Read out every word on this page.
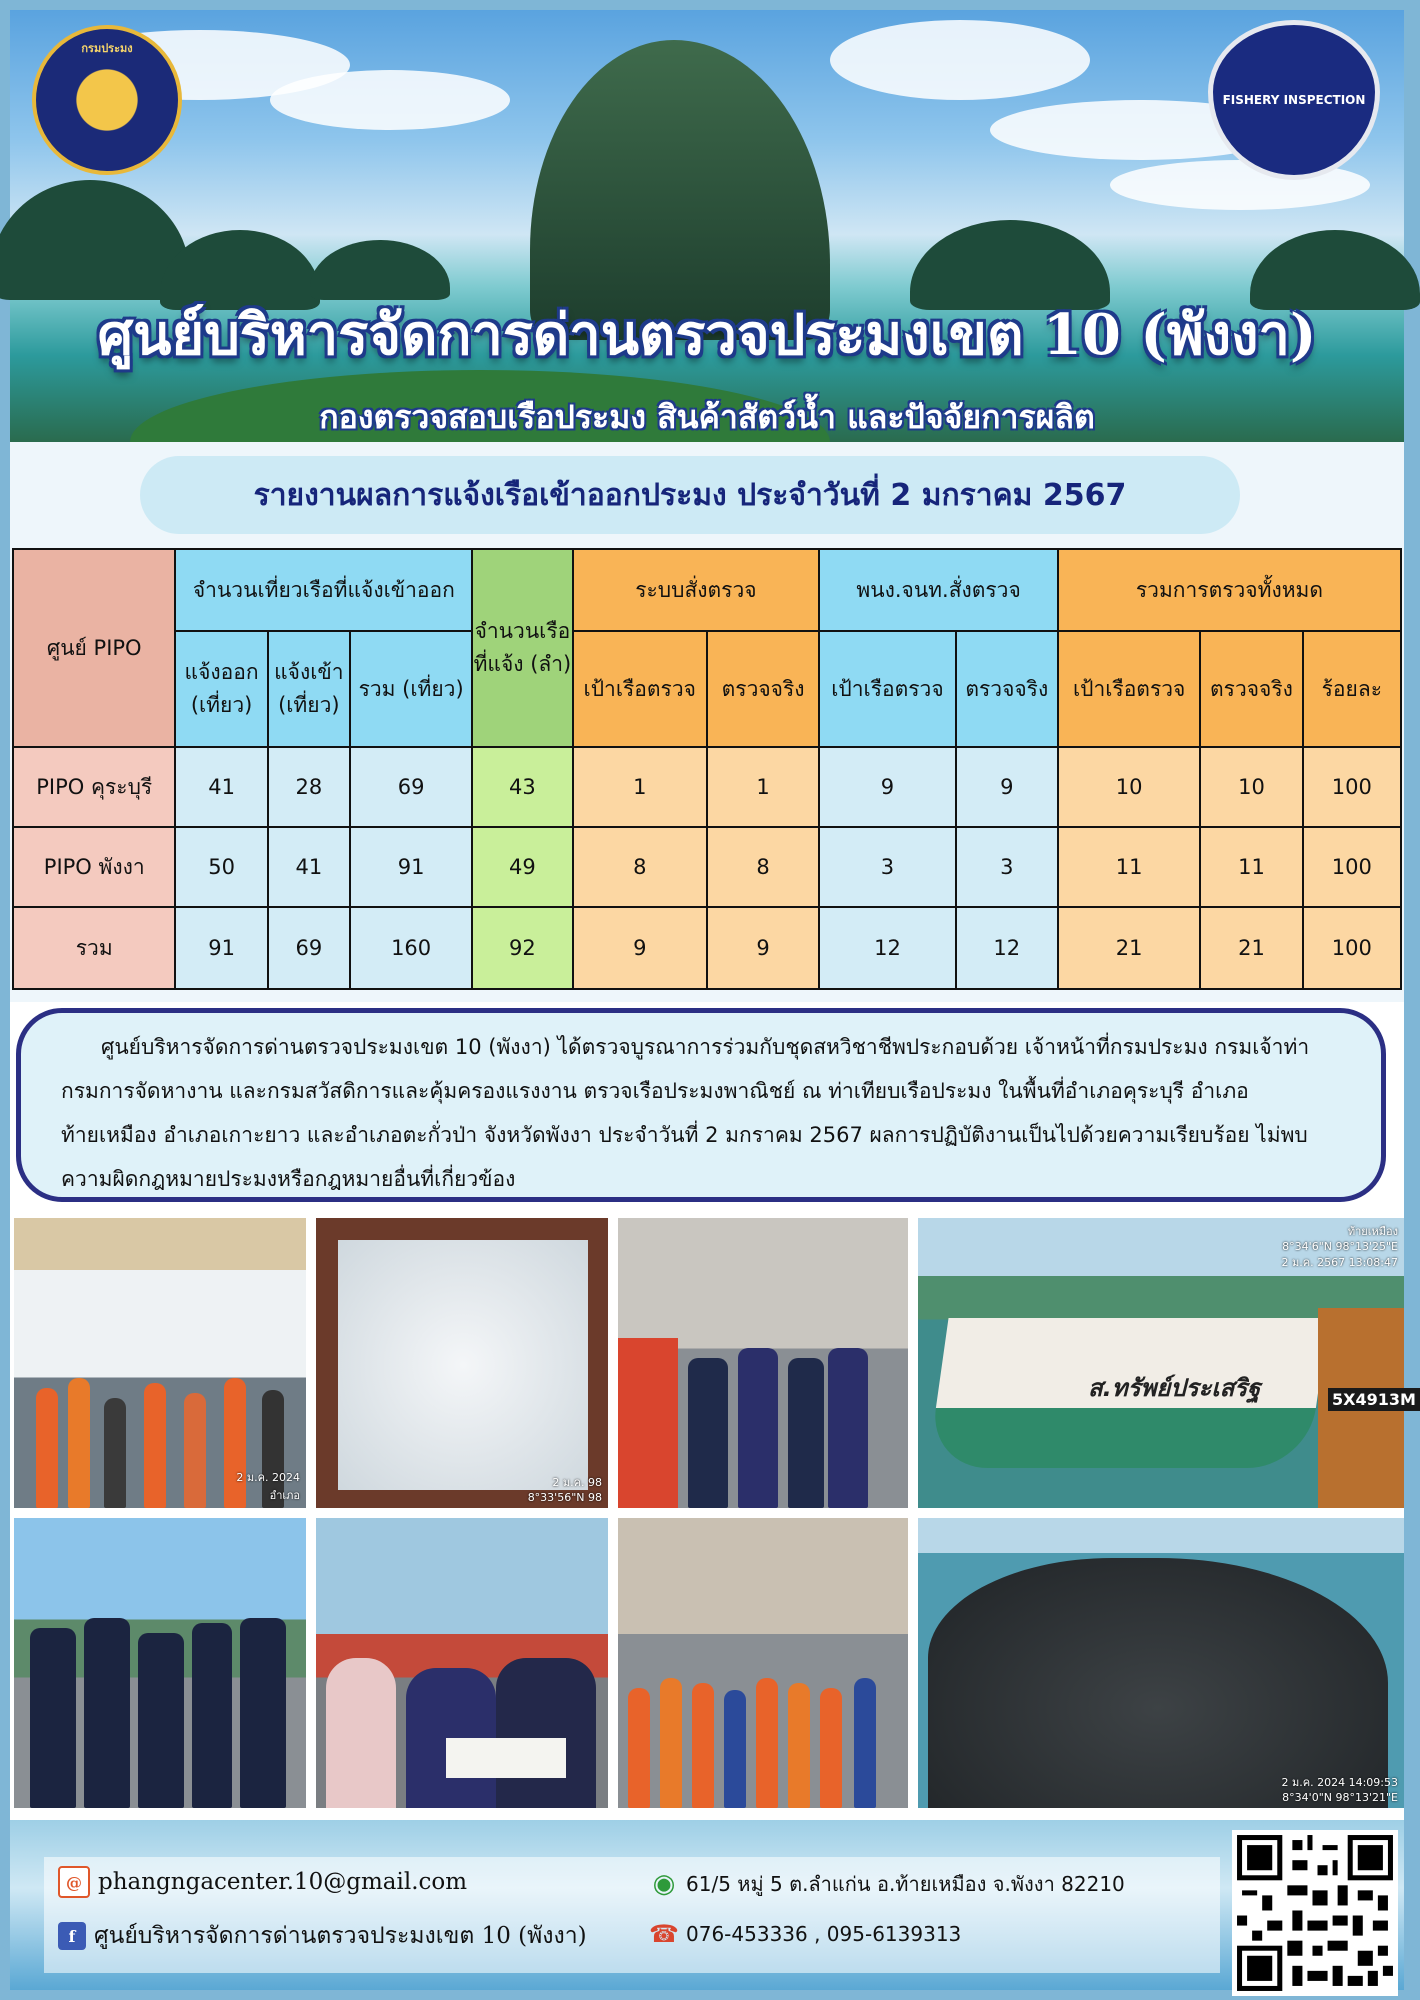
กรมประมง
FISHERY INSPECTION
ศูนย์บริหารจัดการด่านตรวจประมงเขต 10 (พังงา)
กองตรวจสอบเรือประมง สินค้าสัตว์น้ำ และปัจจัยการผลิต
รายงานผลการแจ้งเรือเข้าออกประมง ประจำวันที่ 2 มกราคม 2567
ศูนย์ PIPO	จำนวนเที่ยวเรือที่แจ้งเข้าออก			จำนวนเรือที่แจ้ง (ลำ)	ระบบสั่งตรวจ		พนง.จนท.สั่งตรวจ		รวมการตรวจทั้งหมด		
	แจ้งออก (เที่ยว)	แจ้งเข้า (เที่ยว)	รวม (เที่ยว)		เป้าเรือตรวจ	ตรวจจริง	เป้าเรือตรวจ	ตรวจจริง	เป้าเรือตรวจ	ตรวจจริง	ร้อยละ
PIPO คุระบุรี	41	28	69	43	1	1	9	9	10	10	100
PIPO พังงา	50	41	91	49	8	8	3	3	11	11	100
รวม	91	69	160	92	9	9	12	12	21	21	100
ศูนย์บริหารจัดการด่านตรวจประมงเขต 10 (พังงา) ได้ตรวจบูรณาการร่วมกับชุดสหวิชาชีพประกอบด้วย เจ้าหน้าที่กรมประมง กรมเจ้าท่า กรมการจัดหางาน และกรมสวัสดิการและคุ้มครองแรงงาน ตรวจเรือประมงพาณิชย์ ณ ท่าเทียบเรือประมง ในพื้นที่อำเภอคุระบุรี อำเภอท้ายเหมือง อำเภอเกาะยาว และอำเภอตะกั่วป่า จังหวัดพังงา ประจำวันที่ 2 มกราคม 2567 ผลการปฏิบัติงานเป็นไปด้วยความเรียบร้อย ไม่พบความผิดกฎหมายประมงหรือกฎหมายอื่นที่เกี่ยวข้อง
2 ม.ค. 2024
อำเภอ
2 ม.ค. 98
8°33'56"N 98
ส.ทรัพย์ประเสริฐ	5X4913M
ท้ายเหมือง
8°34'6"N 98°13'25"E
2 ม.ค. 2567 13:08:47
2 ม.ค. 2024 14:09:53
8°34'0"N 98°13'21"E
@ phangngacenter.10@gmail.com
f ศูนย์บริหารจัดการด่านตรวจประมงเขต 10 (พังงา)
◉ 61/5 หมู่ 5 ต.ลำแก่น อ.ท้ายเหมือง จ.พังงา 82210
☎ 076-453336 , 095-6139313
